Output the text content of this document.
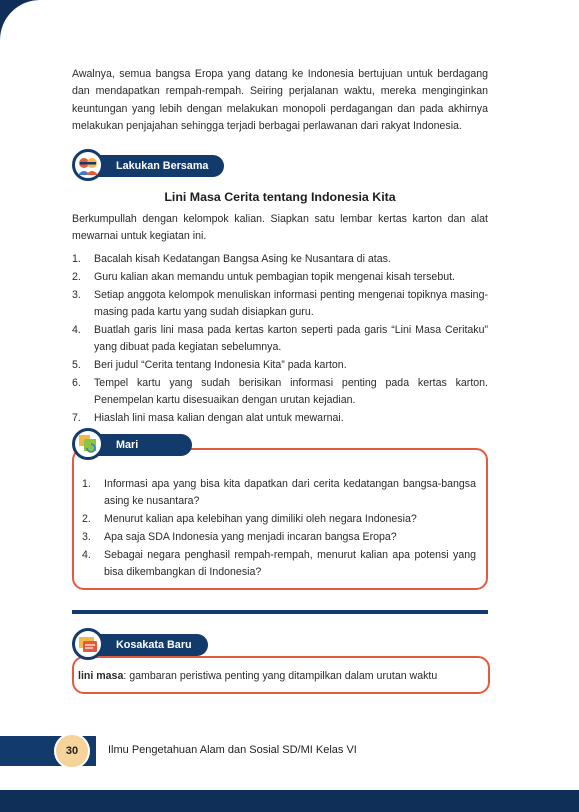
Awalnya, semua bangsa Eropa yang datang ke Indonesia bertujuan untuk berdagang dan mendapatkan rempah-rempah. Seiring perjalanan waktu, mereka menginginkan keuntungan yang lebih dengan melakukan monopoli perdagangan dan pada akhirnya melakukan penjajahan sehingga terjadi berbagai perlawanan dari rakyat Indonesia.

Lakukan Bersama
Lini Masa Cerita tentang Indonesia Kita

Berkumpullah dengan kelompok kalian. Siapkan satu lembar kertas karton dan alat mewarnai untuk kegiatan ini.

1. Bacalah kisah Kedatangan Bangsa Asing ke Nusantara di atas.
2. Guru kalian akan memandu untuk pembagian topik mengenai kisah tersebut.
3. Setiap anggota kelompok menuliskan informasi penting mengenai topiknya masing-masing pada kartu yang sudah disiapkan guru.
4. Buatlah garis lini masa pada kertas karton seperti pada garis “Lini Masa Ceritaku” yang dibuat pada kegiatan sebelumnya.
5. Beri judul “Cerita tentang Indonesia Kita” pada karton.
6. Tempel kartu yang sudah berisikan informasi penting pada kertas karton. Penempelan kartu disesuaikan dengan urutan kejadian.
7. Hiaslah lini masa kalian dengan alat untuk mewarnai.
Mari Refleksikan
1. Informasi apa yang bisa kita dapatkan dari cerita kedatangan bangsa-bangsa asing ke nusantara?
2. Menurut kalian apa kelebihan yang dimiliki oleh negara Indonesia?
3. Apa saja SDA Indonesia yang menjadi incaran bangsa Eropa?
4. Sebagai negara penghasil rempah-rempah, menurut kalian apa potensi yang bisa dikembangkan di Indonesia?
Kosakata Baru
lini masa: gambaran peristiwa penting yang ditampilkan dalam urutan waktu
30	Ilmu Pengetahuan Alam dan Sosial SD/MI Kelas VI
